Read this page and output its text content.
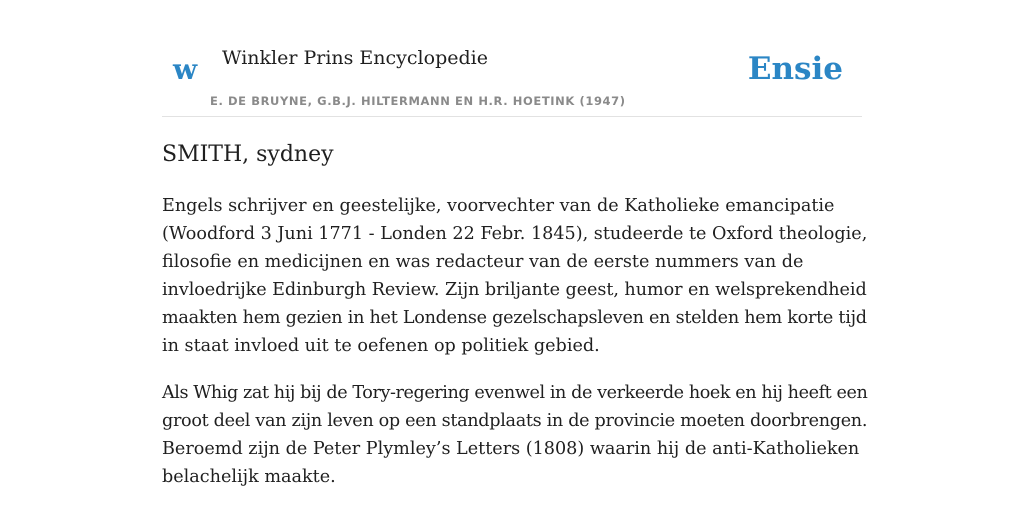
w Winkler Prins Encyclopedie
E. DE BRUYNE, G.B.J. HILTERMANN EN H.R. HOETINK (1947)
Ensie
SMITH, sydney

Engels schrijver en geestelijke, voorvechter van de Katholieke emancipatie
(Woodford 3 Juni 1771 - Londen 22 Febr. 1845), studeerde te Oxford theologie,
filosofie en medicijnen en was redacteur van de eerste nummers van de
invloedrijke Edinburgh Review. Zijn briljante geest, humor en welsprekendheid
maakten hem gezien in het Londense gezelschapsleven en stelden hem korte tijd
in staat invloed uit te oefenen op politiek gebied.

Als Whig zat hij bij de Tory-regering evenwel in de verkeerde hoek en hij heeft een
groot deel van zijn leven op een standplaats in de provincie moeten doorbrengen.
Beroemd zijn de Peter Plymley’s Letters (1808) waarin hij de anti-Katholieken
belachelijk maakte.
